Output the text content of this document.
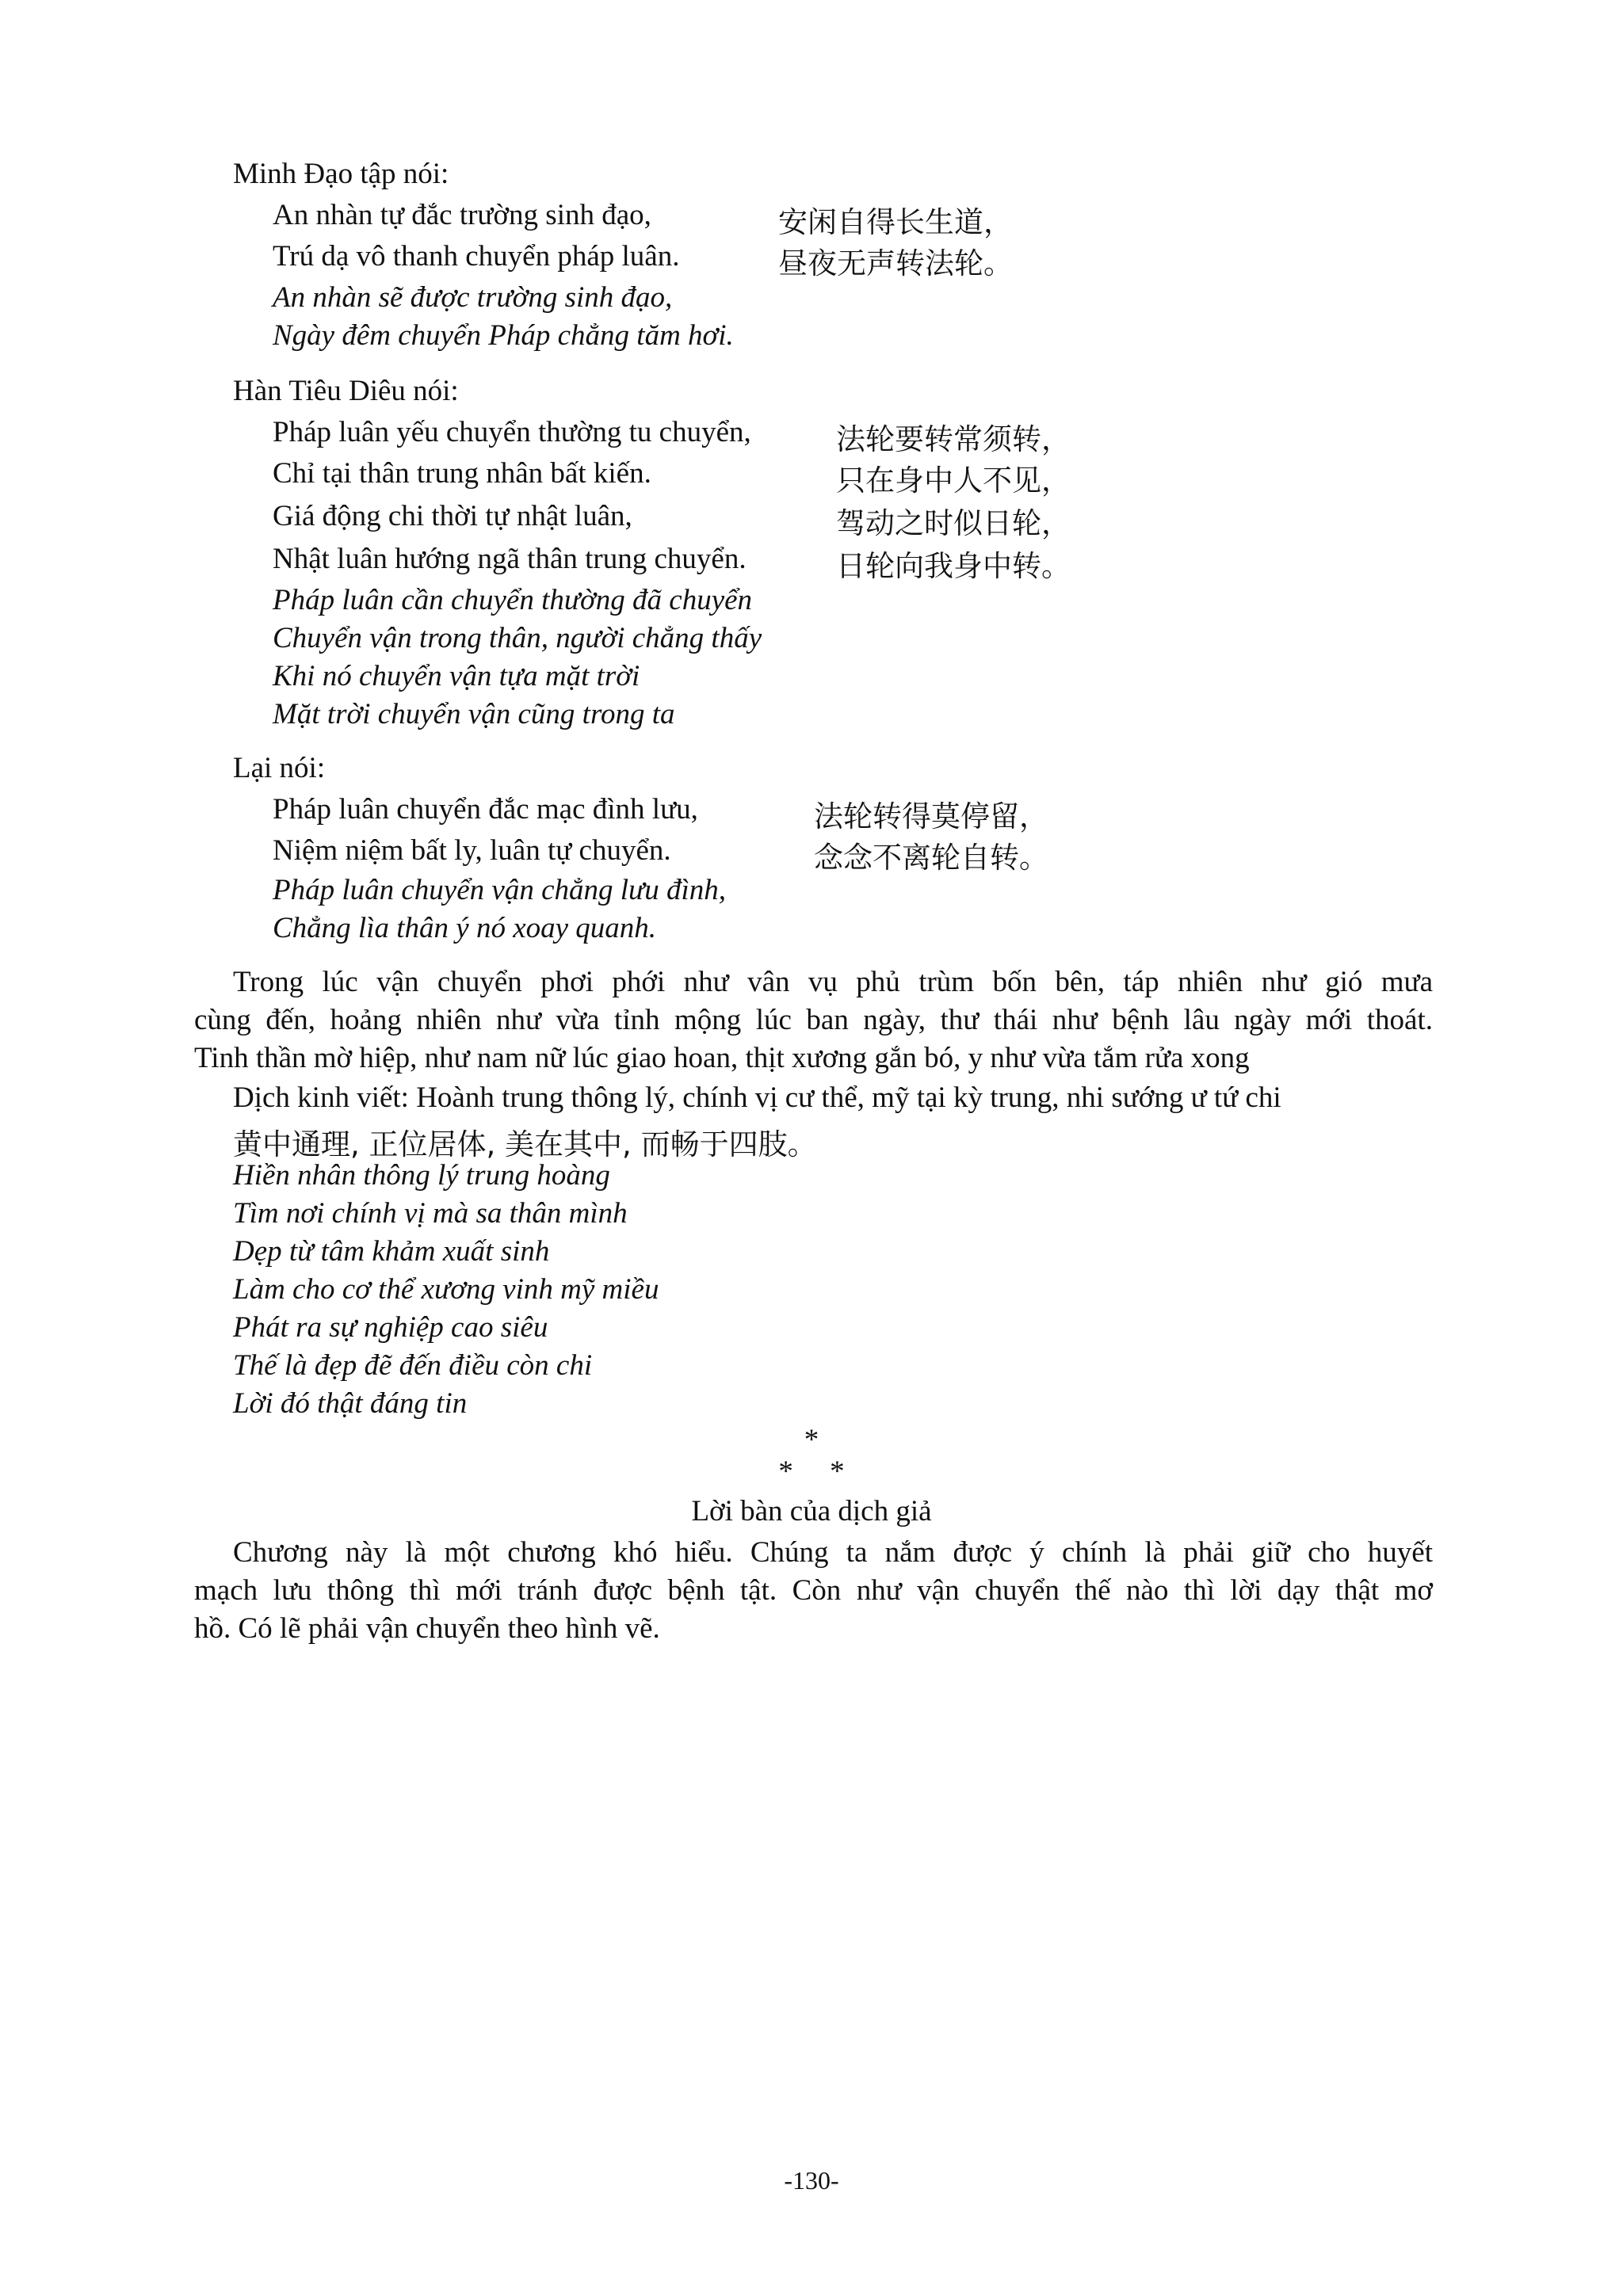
Minh Đạo tập nói:
An nhàn tự đắc trường sinh đạo,	安闲自得长生道，
Trú dạ vô thanh chuyển pháp luân.	昼夜无声转法轮。
An nhàn sẽ được trường sinh đạo,
Ngày đêm chuyển Pháp chẳng tăm hơi.
Hàn Tiêu Diêu nói:
Pháp luân yếu chuyển thường tu chuyển,	法轮要转常须转，
Chỉ tại thân trung nhân bất kiến.	只在身中人不见，
Giá động chi thời tự nhật luân,	驾动之时似日轮，
Nhật luân hướng ngã thân trung chuyển.	日轮向我身中转。
Pháp luân cần chuyển thường đã chuyển
Chuyển vận trong thân, người chẳng thấy
Khi nó chuyển vận tựa mặt trời
Mặt trời chuyển vận cũng trong ta
Lại nói:
Pháp luân chuyển đắc mạc đình lưu,	法轮转得莫停留，
Niệm niệm bất ly, luân tự chuyển.	念念不离轮自转。
Pháp luân chuyển vận chẳng lưu đình,
Chẳng lìa thân ý nó xoay quanh.
Trong lúc vận chuyển phơi phới như vân vụ phủ trùm bốn bên, táp nhiên như gió mưa
cùng đến, hoảng nhiên như vừa tỉnh mộng lúc ban ngày, thư thái như bệnh lâu ngày mới thoát.
Tinh thần mờ hiệp, như nam nữ lúc giao hoan, thịt xương gắn bó, y như vừa tắm rửa xong
Dịch kinh viết: Hoành trung thông lý, chính vị cư thể, mỹ tại kỳ trung, nhi sướng ư tứ chi
黄中通理, 正位居体, 美在其中, 而畅于四肢。
Hiền nhân thông lý trung hoàng
Tìm nơi chính vị mà sa thân mình
Dẹp từ tâm khảm xuất sinh
Làm cho cơ thể xương vinh mỹ miều
Phát ra sự nghiệp cao siêu
Thế là đẹp đẽ đến điều còn chi
Lời đó thật đáng tin
*
*     *
Lời bàn của dịch giả
Chương này là một chương khó hiểu. Chúng ta nắm được ý chính là phải giữ cho huyết
mạch lưu thông thì mới tránh được bệnh tật. Còn như vận chuyển thế nào thì lời dạy thật mơ
hồ. Có lẽ phải vận chuyển theo hình vẽ.
-130-
